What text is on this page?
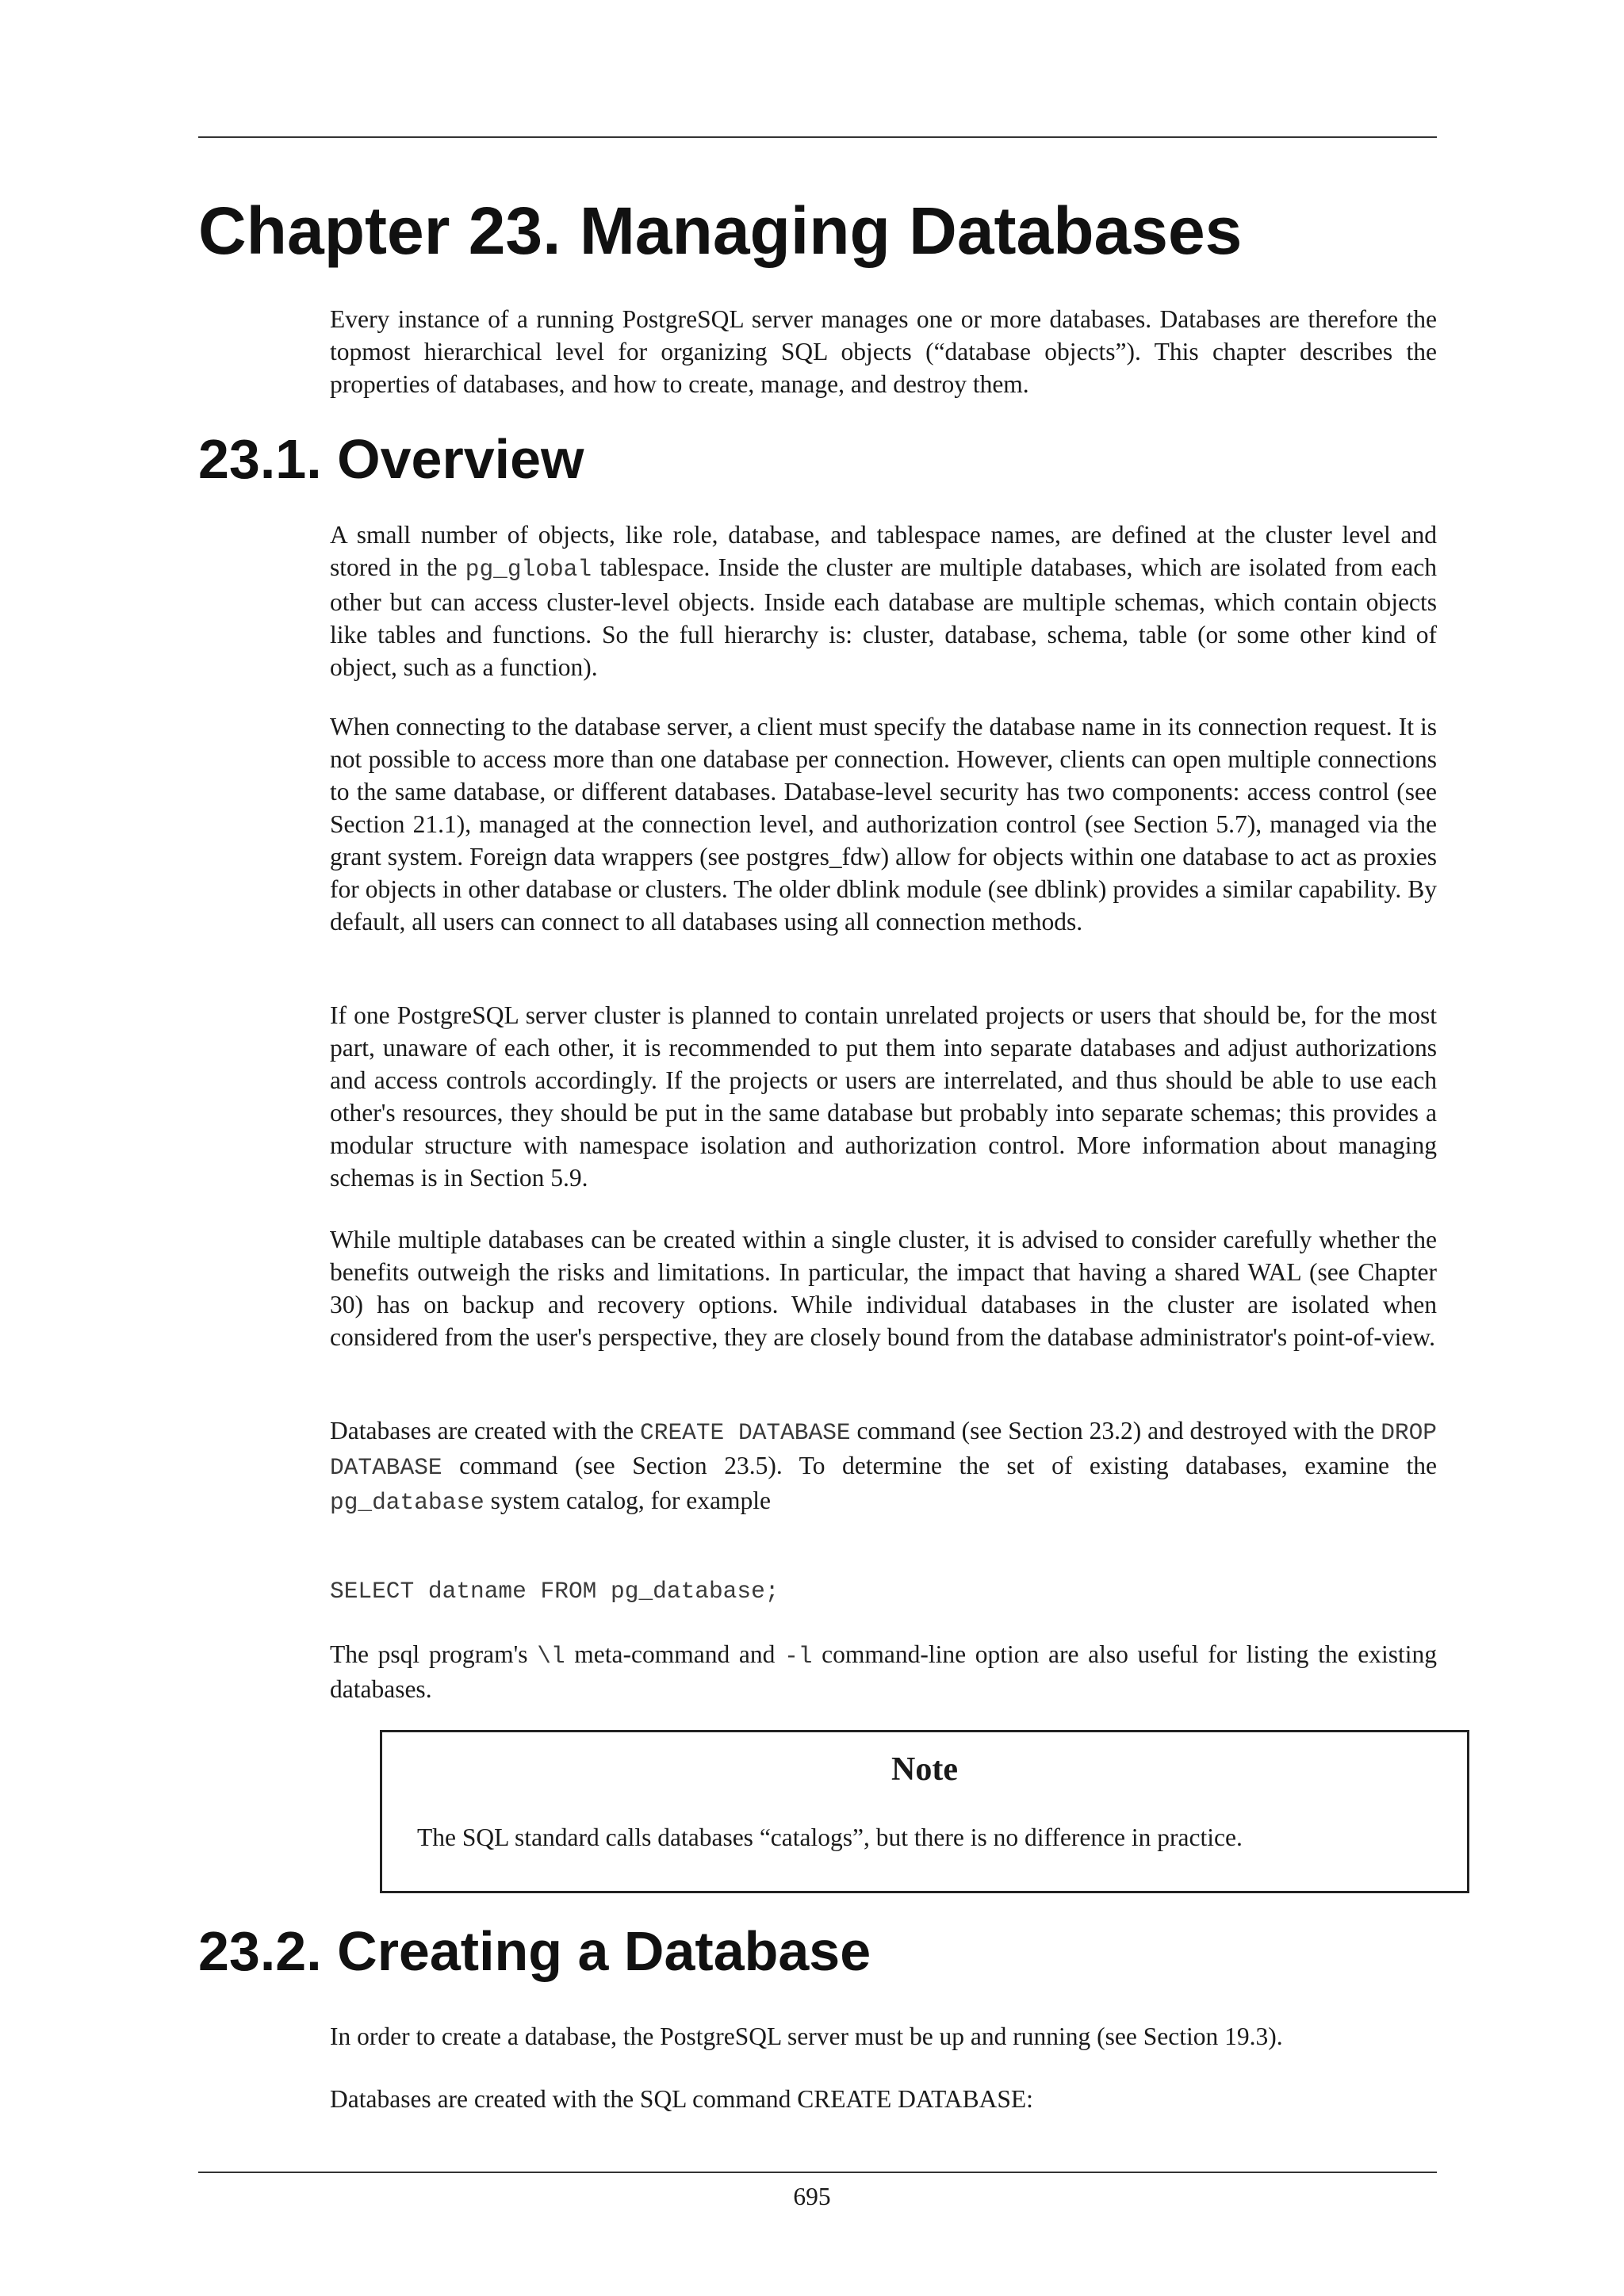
Chapter 23. Managing Databases

Every instance of a running PostgreSQL server manages one or more databases. Databases are therefore the topmost hierarchical level for organizing SQL objects (“database objects”). This chapter describes the properties of databases, and how to create, manage, and destroy them.

23.1. Overview

A small number of objects, like role, database, and tablespace names, are defined at the cluster level and stored in the pg_global tablespace. Inside the cluster are multiple databases, which are isolated from each other but can access cluster-level objects. Inside each database are multiple schemas, which contain objects like tables and functions. So the full hierarchy is: cluster, database, schema, table (or some other kind of object, such as a function).

When connecting to the database server, a client must specify the database name in its connection request. It is not possible to access more than one database per connection. However, clients can open multiple connections to the same database, or different databases. Database-level security has two components: access control (see Section 21.1), managed at the connection level, and authorization control (see Section 5.7), managed via the grant system. Foreign data wrappers (see postgres_fdw) allow for objects within one database to act as proxies for objects in other database or clusters. The older dblink module (see dblink) provides a similar capability. By default, all users can connect to all databases using all connection methods.

If one PostgreSQL server cluster is planned to contain unrelated projects or users that should be, for the most part, unaware of each other, it is recommended to put them into separate databases and adjust authorizations and access controls accordingly. If the projects or users are interrelated, and thus should be able to use each other's resources, they should be put in the same database but probably into separate schemas; this provides a modular structure with namespace isolation and authorization control. More information about managing schemas is in Section 5.9.

While multiple databases can be created within a single cluster, it is advised to consider carefully whether the benefits outweigh the risks and limitations. In particular, the impact that having a shared WAL (see Chapter 30) has on backup and recovery options. While individual databases in the cluster are isolated when considered from the user's perspective, they are closely bound from the database administrator's point-of-view.

Databases are created with the CREATE DATABASE command (see Section 23.2) and destroyed with the DROP DATABASE command (see Section 23.5). To determine the set of existing databases, examine the pg_database system catalog, for example

SELECT datname FROM pg_database;

The psql program's \l meta-command and -l command-line option are also useful for listing the existing databases.

Note

The SQL standard calls databases “catalogs”, but there is no difference in practice.

23.2. Creating a Database

In order to create a database, the PostgreSQL server must be up and running (see Section 19.3).

Databases are created with the SQL command CREATE DATABASE:

695
